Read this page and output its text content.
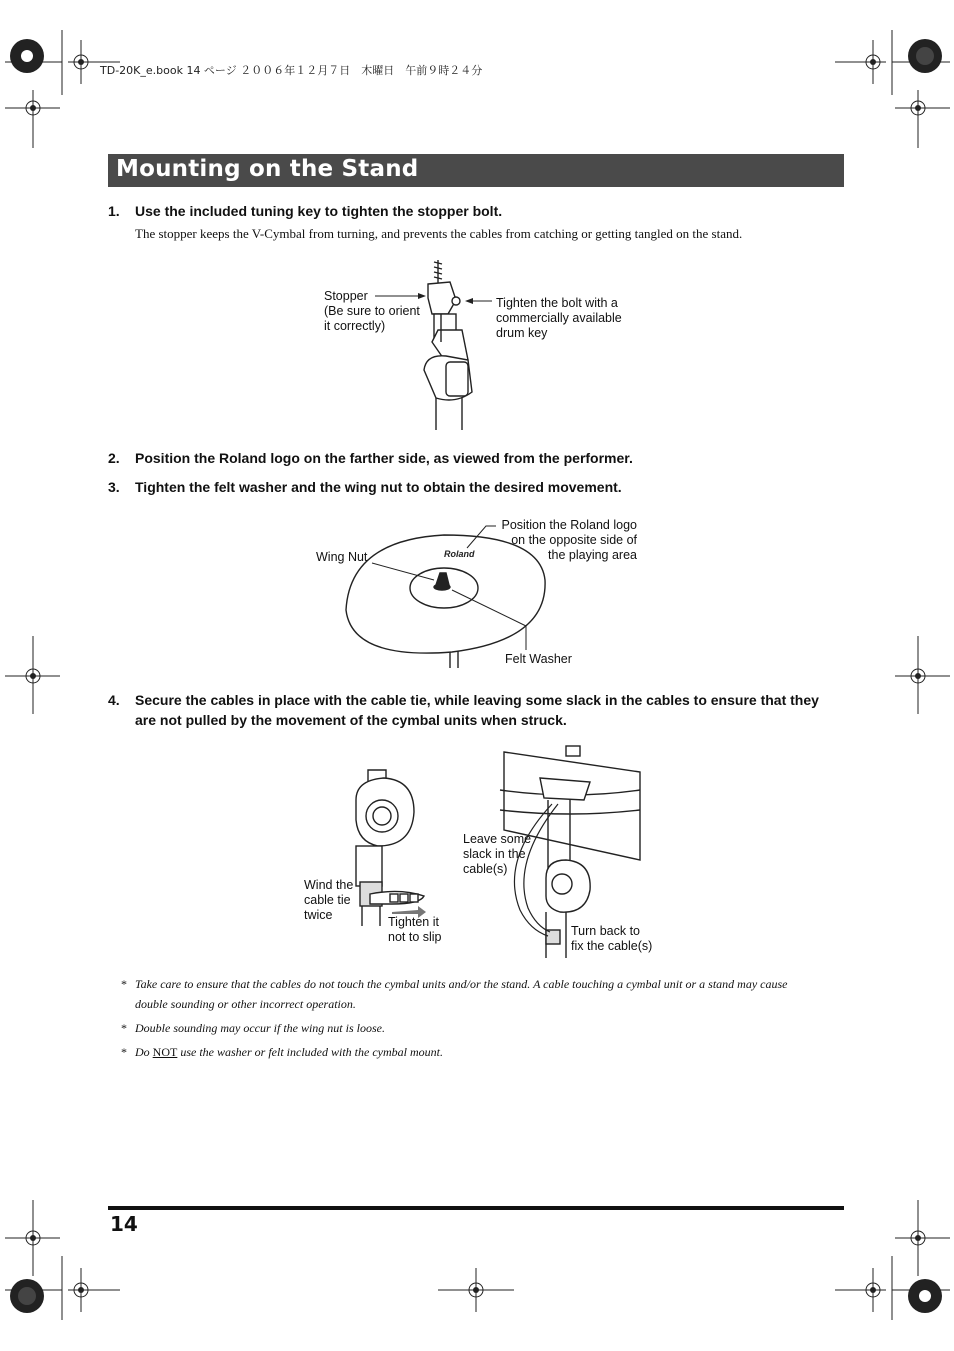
TD-20K_e.book 14 ページ ２００６年１２月７日　木曜日　午前９時２４分
Mounting on the Stand
1. Use the included tuning key to tighten the stopper bolt.
The stopper keeps the V-Cymbal from turning, and prevents the cables from catching or getting tangled on the stand.
Stopper
(Be sure to orient
it correctly)
Tighten the bolt with a
commercially available
drum key
2. Position the Roland logo on the farther side, as viewed from the performer.
3. Tighten the felt washer and the wing nut to obtain the desired movement.
Roland
Wing Nut
Position the Roland logo
on the opposite side of
the playing area
Felt Washer
4. Secure the cables in place with the cable tie, while leaving some slack in the cables to ensure that they
are not pulled by the movement of the cymbal units when struck.
Wind the
cable tie
twice	Tighten it
not to slip
Leave some
slack in the
cable(s)
Turn back to
fix the cable(s)
* Take care to ensure that the cables do not touch the cymbal units and/or the stand. A cable touching a cymbal unit or a stand may cause
double sounding or other incorrect operation.
* Double sounding may occur if the wing nut is loose.
* Do NOT use the washer or felt included with the cymbal mount.
14
